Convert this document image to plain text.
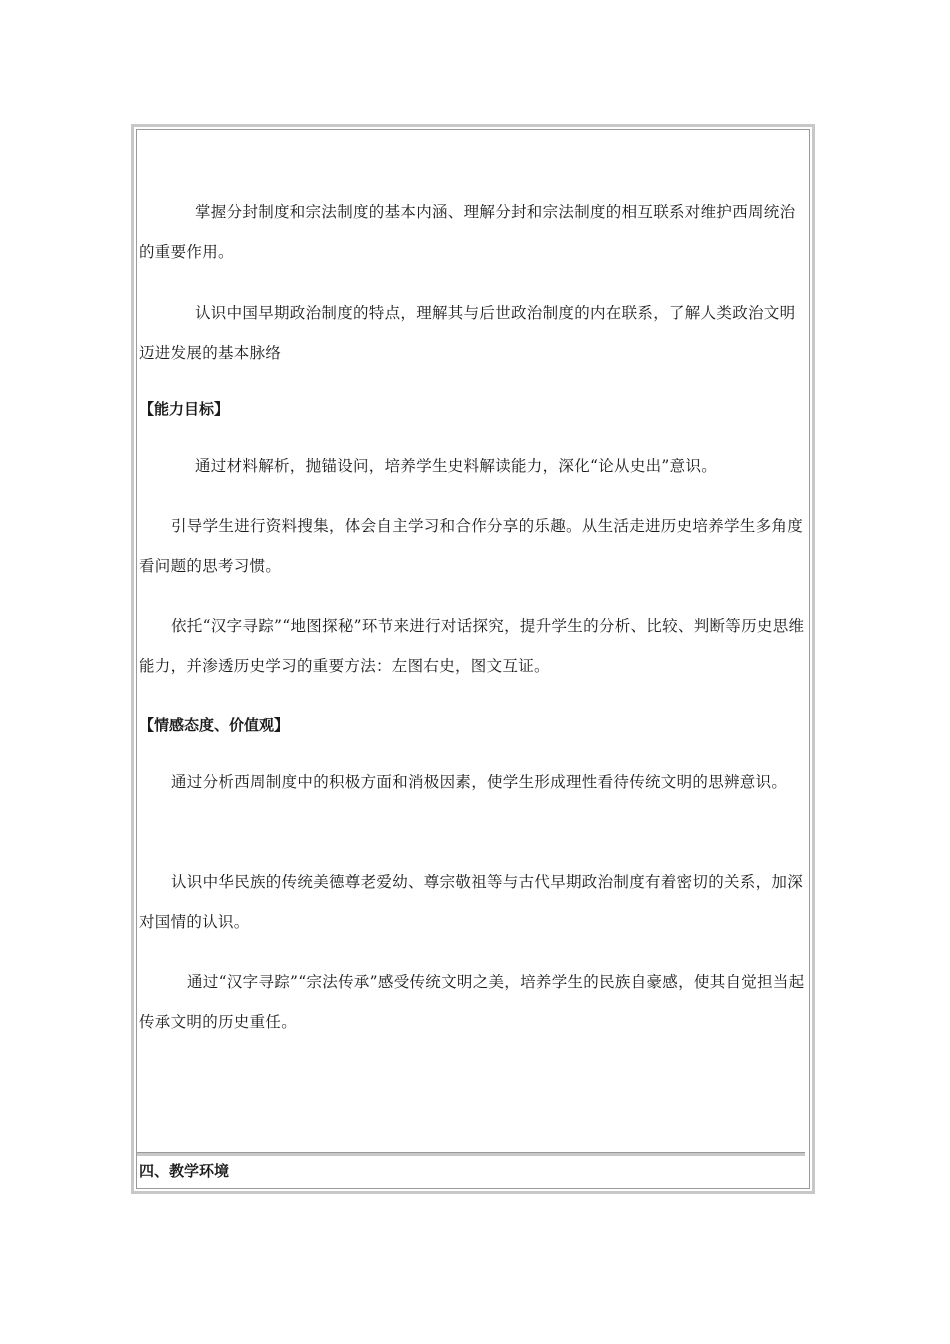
掌握分封制度和宗法制度的基本内涵、理解分封和宗法制度的相互联系对维护西周统治的重要作用。

认识中国早期政治制度的特点，理解其与后世政治制度的内在联系，了解人类政治文明迈进发展的基本脉络

【能力目标】

通过材料解析，抛锚设问，培养学生史料解读能力，深化“论从史出”意识。

引导学生进行资料搜集，体会自主学习和合作分享的乐趣。从生活走进历史培养学生多角度看问题的思考习惯。

依托“汉字寻踪”“地图探秘”环节来进行对话探究，提升学生的分析、比较、判断等历史思维能力，并渗透历史学习的重要方法：左图右史，图文互证。

【情感态度、价值观】

通过分析西周制度中的积极方面和消极因素，使学生形成理性看待传统文明的思辨意识。

认识中华民族的传统美德尊老爱幼、尊宗敬祖等与古代早期政治制度有着密切的关系，加深对国情的认识。

通过“汉字寻踪”“宗法传承”感受传统文明之美，培养学生的民族自豪感，使其自觉担当起传承文明的历史重任。

四、教学环境
